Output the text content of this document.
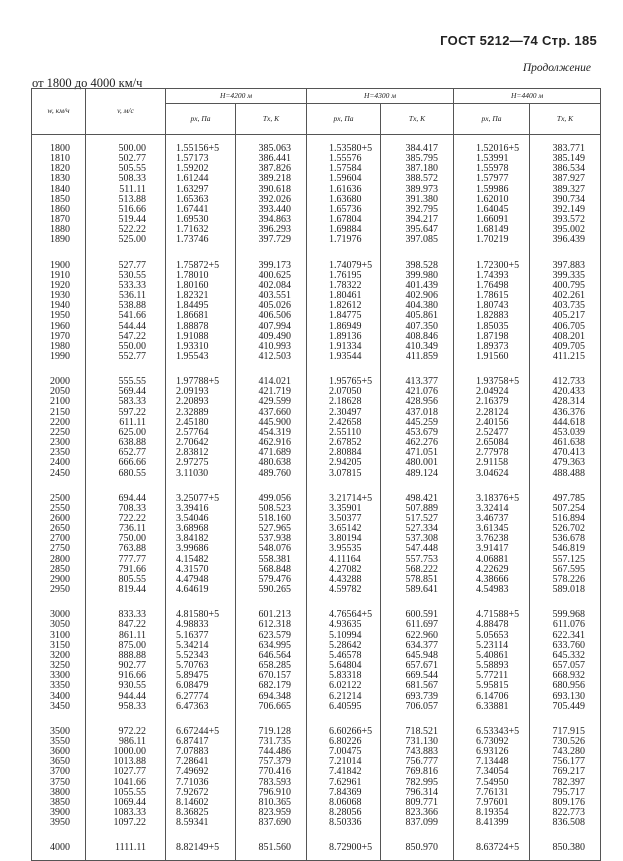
ГОСТ 5212—74 Стр. 185
Продолжение
от 1800 до 4000 км/ч
w, км/ч	v, м/с	H=4200 м		H=4300 м		H=4400 м	
		pх, Па	Tх, К	pх, Па	Tх, К	pх, Па	Tх, К
1800	500.00	1.55156+5	385.063	1.53580+5	384.417	1.52016+5	383.771
1810	502.77	1.57173	386.441	1.55576	385.795	1.53991	385.149
1820	505.55	1.59202	387.826	1.57584	387.180	1.55978	386.534
1830	508.33	1.61244	389.218	1.59604	388.572	1.57977	387.927
1840	511.11	1.63297	390.618	1.61636	389.973	1.59986	389.327
1850	513.88	1.65363	392.026	1.63680	391.380	1.62010	390.734
1860	516.66	1.67441	393.440	1.65736	392.795	1.64045	392.149
1870	519.44	1.69530	394.863	1.67804	394.217	1.66091	393.572
1880	522.22	1.71632	396.293	1.69884	395.647	1.68149	395.002
1890	525.00	1.73746	397.729	1.71976	397.085	1.70219	396.439
1900	527.77	1.75872+5	399.173	1.74079+5	398.528	1.72300+5	397.883
1910	530.55	1.78010	400.625	1.76195	399.980	1.74393	399.335
1920	533.33	1.80160	402.084	1.78322	401.439	1.76498	400.795
1930	536.11	1.82321	403.551	1.80461	402.906	1.78615	402.261
1940	538.88	1.84495	405.026	1.82612	404.380	1.80743	403.735
1950	541.66	1.86681	406.506	1.84775	405.861	1.82883	405.217
1960	544.44	1.88878	407.994	1.86949	407.350	1.85035	406.705
1970	547.22	1.91088	409.490	1.89136	408.846	1.87198	408.201
1980	550.00	1.93310	410.993	1.91334	410.349	1.89373	409.705
1990	552.77	1.95543	412.503	1.93544	411.859	1.91560	411.215
2000	555.55	1.97788+5	414.021	1.95765+5	413.377	1.93758+5	412.733
2050	569.44	2.09193	421.719	2.07050	421.076	2.04924	420.433
2100	583.33	2.20893	429.599	2.18628	428.956	2.16379	428.314
2150	597.22	2.32889	437.660	2.30497	437.018	2.28124	436.376
2200	611.11	2.45180	445.900	2.42658	445.259	2.40156	444.618
2250	625.00	2.57764	454.319	2.55110	453.679	2.52477	453.039
2300	638.88	2.70642	462.916	2.67852	462.276	2.65084	461.638
2350	652.77	2.83812	471.689	2.80884	471.051	2.77978	470.413
2400	666.66	2.97275	480.638	2.94205	480.001	2.91158	479.363
2450	680.55	3.11030	489.760	3.07815	489.124	3.04624	488.488
2500	694.44	3.25077+5	499.056	3.21714+5	498.421	3.18376+5	497.785
2550	708.33	3.39416	508.523	3.35901	507.889	3.32414	507.254
2600	722.22	3.54046	518.160	3.50377	517.527	3.46737	516.894
2650	736.11	3.68968	527.965	3.65142	527.334	3.61345	526.702
2700	750.00	3.84182	537.938	3.80194	537.308	3.76238	536.678
2750	763.88	3.99686	548.076	3.95535	547.448	3.91417	546.819
2800	777.77	4.15482	558.381	4.11164	557.753	4.06881	557.125
2850	791.66	4.31570	568.848	4.27082	568.222	4.22629	567.595
2900	805.55	4.47948	579.476	4.43288	578.851	4.38666	578.226
2950	819.44	4.64619	590.265	4.59782	589.641	4.54983	589.018
3000	833.33	4.81580+5	601.213	4.76564+5	600.591	4.71588+5	599.968
3050	847.22	4.98833	612.318	4.93635	611.697	4.88478	611.076
3100	861.11	5.16377	623.579	5.10994	622.960	5.05653	622.341
3150	875.00	5.34214	634.995	5.28642	634.377	5.23114	633.760
3200	888.88	5.52343	646.564	5.46578	645.948	5.40861	645.332
3250	902.77	5.70763	658.285	5.64804	657.671	5.58893	657.057
3300	916.66	5.89475	670.157	5.83318	669.544	5.77211	668.932
3350	930.55	6.08479	682.179	6.02122	681.567	5.95815	680.956
3400	944.44	6.27774	694.348	6.21214	693.739	6.14706	693.130
3450	958.33	6.47363	706.665	6.40595	706.057	6.33881	705.449
3500	972.22	6.67244+5	719.128	6.60266+5	718.521	6.53343+5	717.915
3550	986.11	6.87417	731.735	6.80226	731.130	6.73092	730.526
3600	1000.00	7.07883	744.486	7.00475	743.883	6.93126	743.280
3650	1013.88	7.28641	757.379	7.21014	756.777	7.13448	756.177
3700	1027.77	7.49692	770.416	7.41842	769.816	7.34054	769.217
3750	1041.66	7.71036	783.593	7.62961	782.995	7.54950	782.397
3800	1055.55	7.92672	796.910	7.84369	796.314	7.76131	795.717
3850	1069.44	8.14602	810.365	8.06068	809.771	7.97601	809.176
3900	1083.33	8.36825	823.959	8.28056	823.366	8.19354	822.773
3950	1097.22	8.59341	837.690	8.50336	837.099	8.41399	836.508
4000	1111.11	8.82149+5	851.560	8.72900+5	850.970	8.63724+5	850.380
